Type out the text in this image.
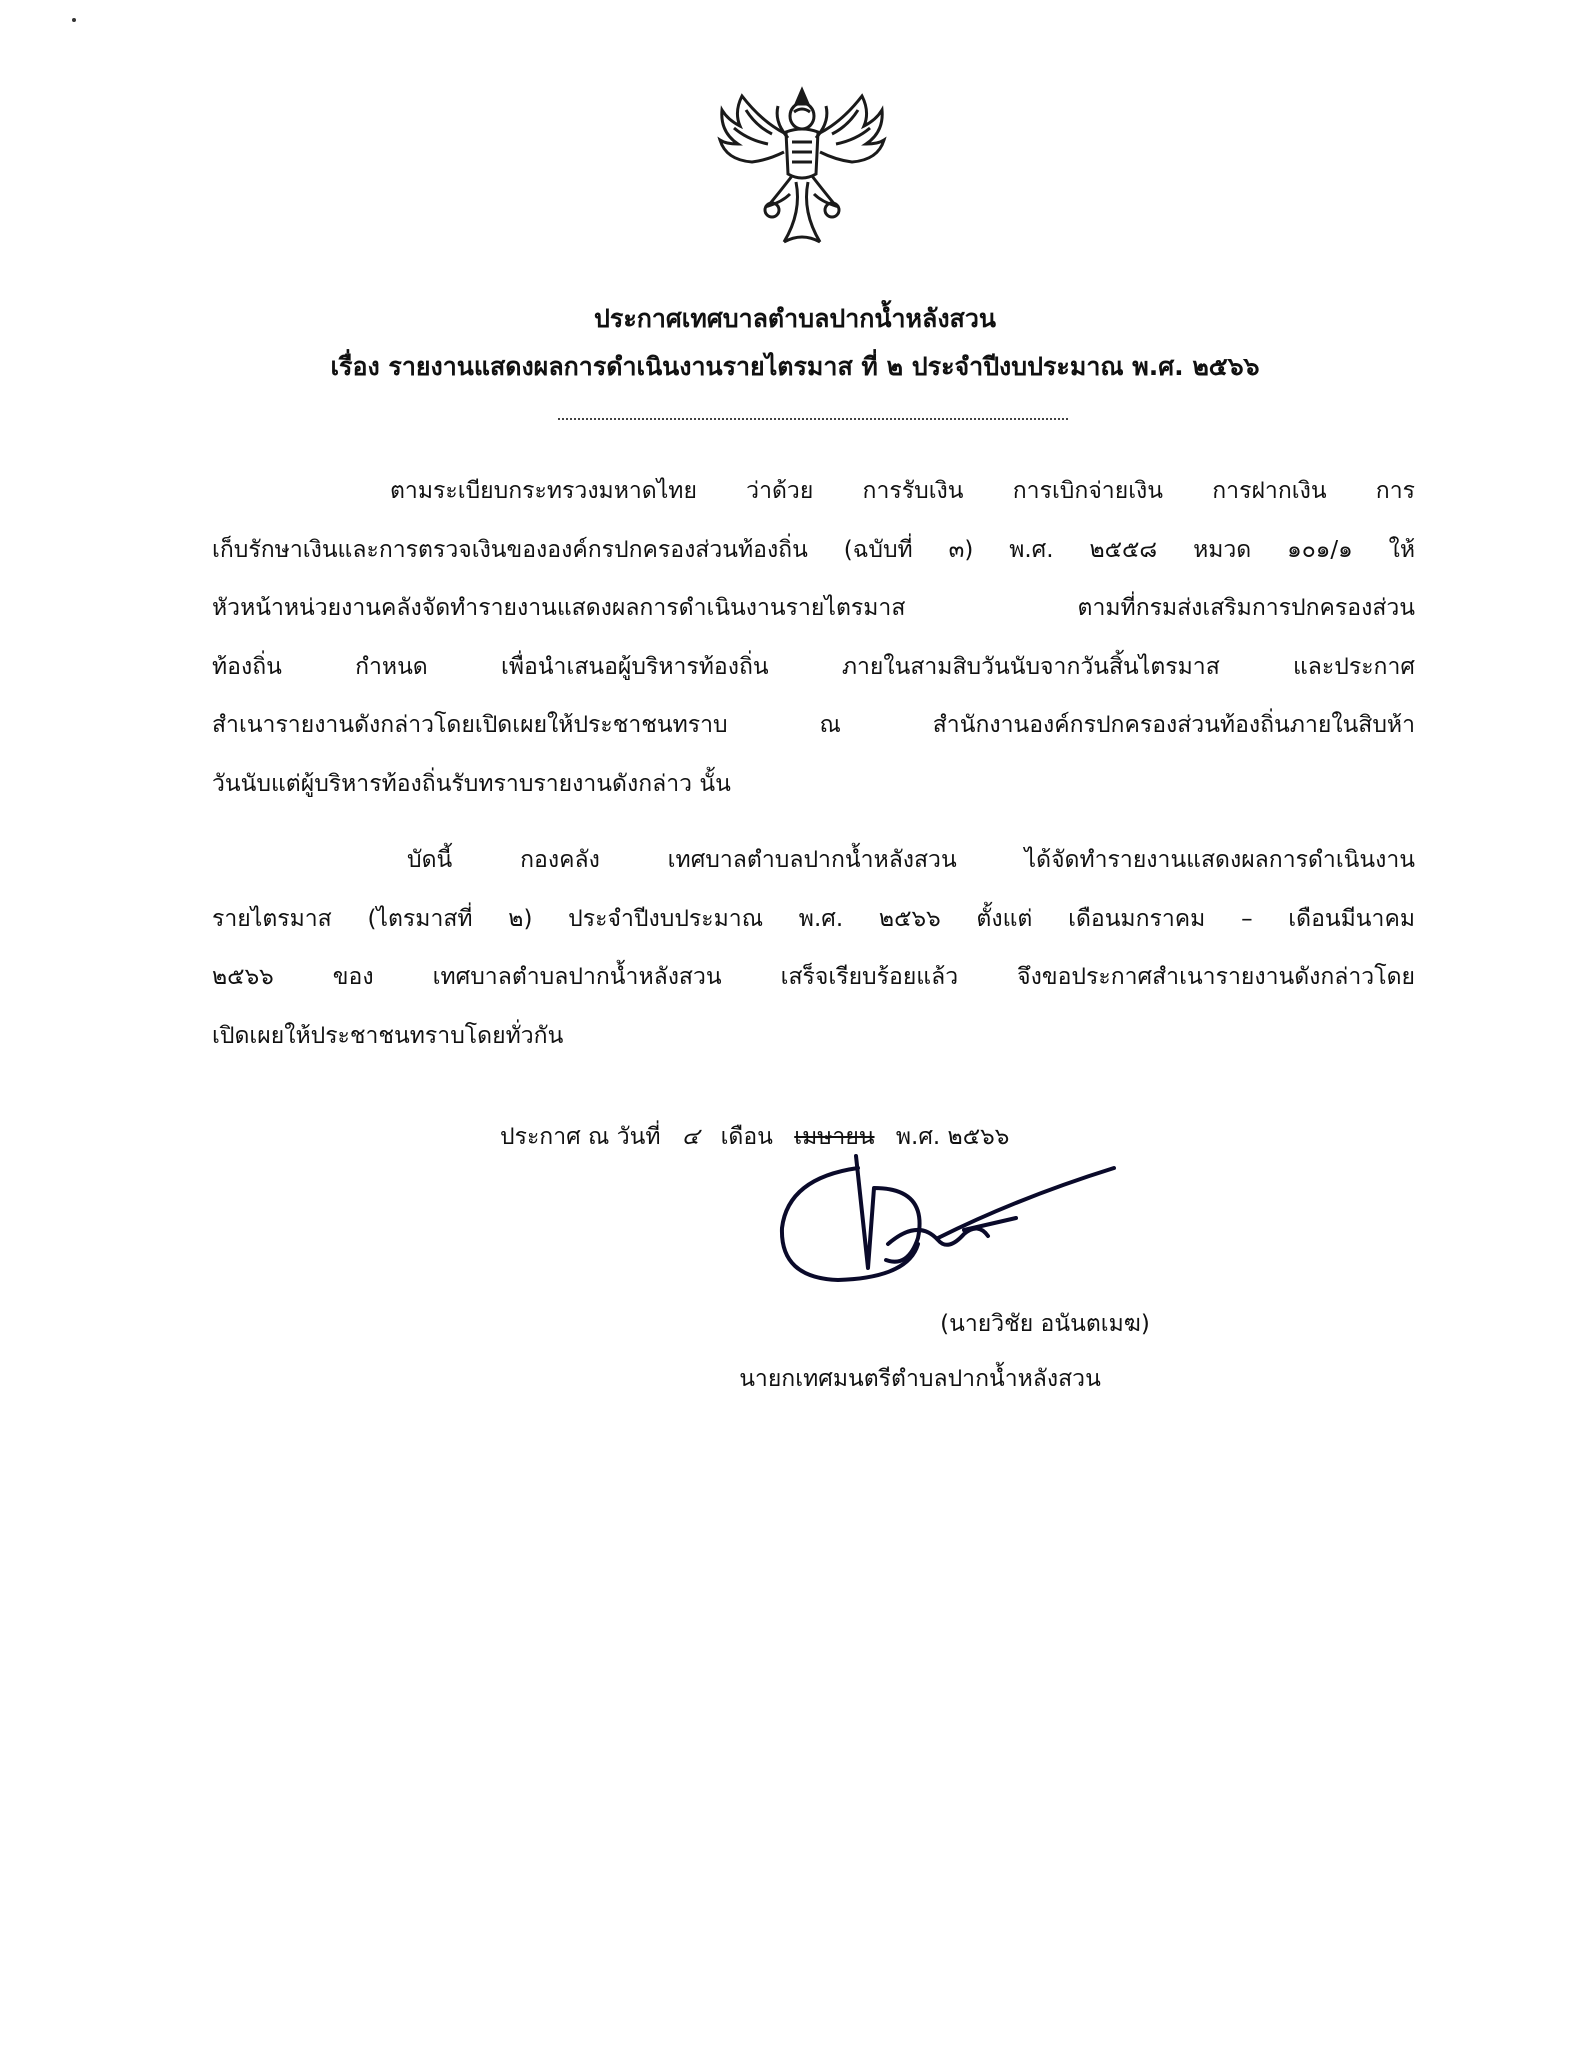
ประกาศเทศบาลตำบลปากน้ำหลังสวน
เรื่อง รายงานแสดงผลการดำเนินงานรายไตรมาส ที่ ๒ ประจำปีงบประมาณ พ.ศ. ๒๕๖๖
ตามระเบียบกระทรวงมหาดไทย ว่าด้วย การรับเงิน การเบิกจ่ายเงิน การฝากเงิน การ
เก็บรักษาเงินและการตรวจเงินขององค์กรปกครองส่วนท้องถิ่น (ฉบับที่ ๓) พ.ศ. ๒๕๕๘ หมวด ๑๐๑/๑ ให้
หัวหน้าหน่วยงานคลังจัดทำรายงานแสดงผลการดำเนินงานรายไตรมาส ตามที่กรมส่งเสริมการปกครองส่วน
ท้องถิ่น กำหนด เพื่อนำเสนอผู้บริหารท้องถิ่น ภายในสามสิบวันนับจากวันสิ้นไตรมาส และประกาศ
สำเนารายงานดังกล่าวโดยเปิดเผยให้ประชาชนทราบ ณ สำนักงานองค์กรปกครองส่วนท้องถิ่นภายในสิบห้า
วันนับแต่ผู้บริหารท้องถิ่นรับทราบรายงานดังกล่าว นั้น
บัดนี้ กองคลัง เทศบาลตำบลปากน้ำหลังสวน ได้จัดทำรายงานแสดงผลการดำเนินงาน
รายไตรมาส (ไตรมาสที่ ๒) ประจำปีงบประมาณ พ.ศ. ๒๕๖๖ ตั้งแต่ เดือนมกราคม – เดือนมีนาคม
๒๕๖๖ ของ เทศบาลตำบลปากน้ำหลังสวน เสร็จเรียบร้อยแล้ว จึงขอประกาศสำเนารายงานดังกล่าวโดย
เปิดเผยให้ประชาชนทราบโดยทั่วกัน
ประกาศ ณ วันที่ ๔ เดือน เมษายน พ.ศ. ๒๕๖๖
(นายวิชัย อนันตเมฆ)
นายกเทศมนตรีตำบลปากน้ำหลังสวน
